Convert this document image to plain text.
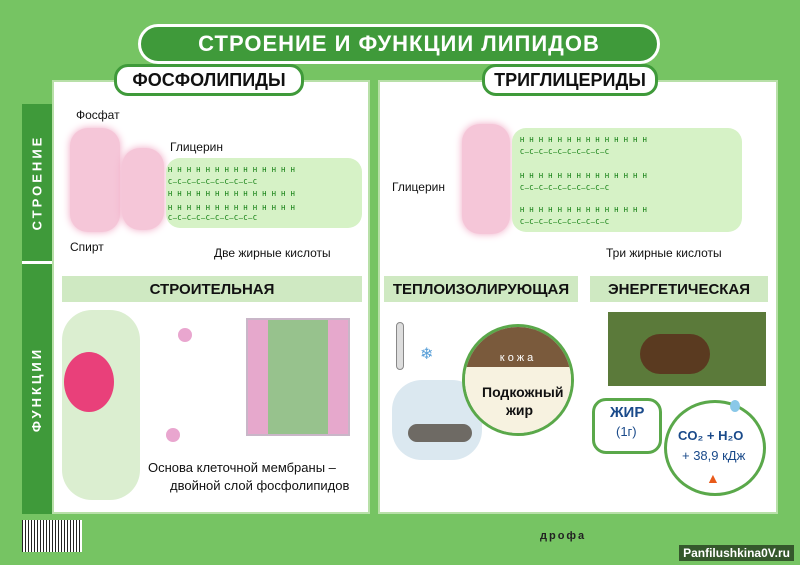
СТРОЕНИЕ И ФУНКЦИИ ЛИПИДОВ
СТРОЕНИЕ
ФУНКЦИИ
ФОСФОЛИПИДЫ
H H H H H H H H H H H H H H
C—C—C—C—C—C—C—C—C—C
H H H H H H H H H H H H H H
H H H H H H H H H H H H H H
C—C—C—C—C—C—C—C—C—C
Фосфат
Глицерин
Спирт	Две жирные кислоты
СТРОИТЕЛЬНАЯ
Основа клеточной мембраны –
двойной слой фосфолипидов
ТРИГЛИЦЕРИДЫ
H H H H H H H H H H H H H H
C—C—C—C—C—C—C—C—C—C
H H H H H H H H H H H H H H
C—C—C—C—C—C—C—C—C—C
H H H H H H H H H H H H H H
C—C—C—C—C—C—C—C—C—C
Глицерин
Три жирные кислоты
ТЕПЛОИЗОЛИРУЮЩАЯ	ЭНЕРГЕТИЧЕСКАЯ
❄	кожа
Подкожный
жир	ЖИР
(1г)	CO₂ + H₂O
+ 38,9 кДж
▲
дрофа
Panfilushkina0V.ru
